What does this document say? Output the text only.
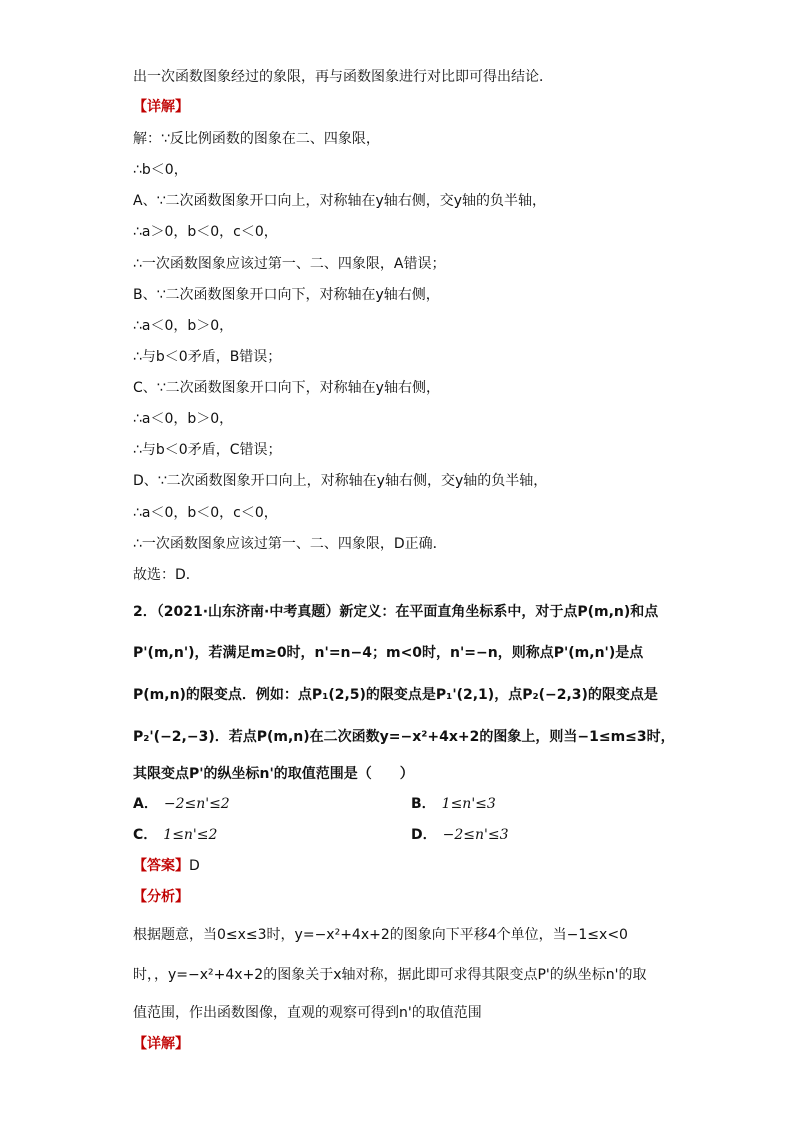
出一次函数图象经过的象限，再与函数图象进行对比即可得出结论．
【详解】
解：∵反比例函数的图象在二、四象限，
∴b＜0，
A、∵二次函数图象开口向上，对称轴在y轴右侧，交y轴的负半轴，
∴a＞0，b＜0，c＜0，
∴一次函数图象应该过第一、二、四象限，A错误；
B、∵二次函数图象开口向下，对称轴在y轴右侧，
∴a＜0，b＞0，
∴与b＜0矛盾，B错误；
C、∵二次函数图象开口向下，对称轴在y轴右侧，
∴a＜0，b＞0，
∴与b＜0矛盾，C错误；
D、∵二次函数图象开口向上，对称轴在y轴右侧，交y轴的负半轴，
∴a＜0，b＜0，c＜0，
∴一次函数图象应该过第一、二、四象限，D正确．
故选：D．
2．（2021·山东济南·中考真题）新定义：在平面直角坐标系中，对于点P(m,n)和点
P'(m,n')，若满足m≥0时，n'=n−4；m<0时，n'=−n，则称点P'(m,n')是点
P(m,n)的限变点．例如：点P₁(2,5)的限变点是P₁'(2,1)，点P₂(−2,3)的限变点是
P₂'(−2,−3)．若点P(m,n)在二次函数y=−x²+4x+2的图象上，则当−1≤m≤3时，
其限变点P'的纵坐标n'的取值范围是（　　）
A． −2≤n'≤2	B． 1≤n'≤3
C． 1≤n'≤2	D． −2≤n'≤3
【答案】D
【分析】
根据题意，当0≤x≤3时，y=−x²+4x+2的图象向下平移4个单位，当−1≤x<0
时，，y=−x²+4x+2的图象关于x轴对称，据此即可求得其限变点P'的纵坐标n'的取
值范围，作出函数图像，直观的观察可得到n'的取值范围
【详解】
